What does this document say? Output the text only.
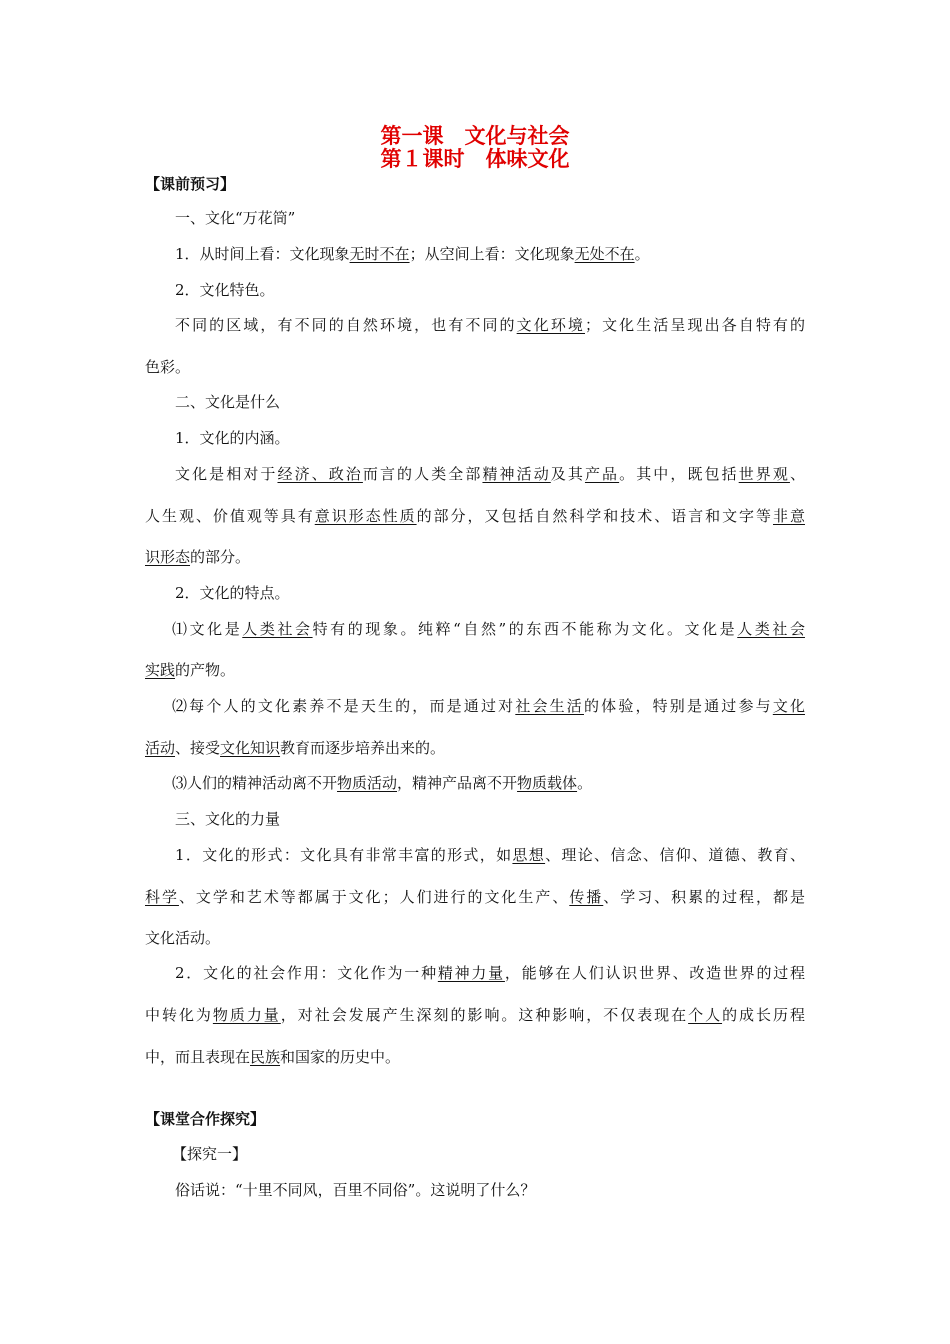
第一课　文化与社会
第１课时　体味文化
【课前预习】
一、文化“万花筒”
1．从时间上看：文化现象无时不在；从空间上看：文化现象无处不在。
2．文化特色。
不同的区域，有不同的自然环境，也有不同的文化环境；文化生活呈现出各自特有的
色彩。
二、文化是什么
1．文化的内涵。
文化是相对于经济、政治而言的人类全部精神活动及其产品。其中，既包括世界观、
人生观、价值观等具有意识形态性质的部分，又包括自然科学和技术、语言和文字等非意
识形态的部分。
2．文化的特点。
⑴文化是人类社会特有的现象。纯粹“自然”的东西不能称为文化。文化是人类社会
实践的产物。
⑵每个人的文化素养不是天生的，而是通过对社会生活的体验，特别是通过参与文化
活动、接受文化知识教育而逐步培养出来的。
⑶人们的精神活动离不开物质活动，精神产品离不开物质载体。
三、文化的力量
1．文化的形式：文化具有非常丰富的形式，如思想、理论、信念、信仰、道德、教育、
科学、文学和艺术等都属于文化；人们进行的文化生产、传播、学习、积累的过程，都是
文化活动。
2．文化的社会作用：文化作为一种精神力量，能够在人们认识世界、改造世界的过程
中转化为物质力量，对社会发展产生深刻的影响。这种影响，不仅表现在个人的成长历程
中，而且表现在民族和国家的历史中。
【课堂合作探究】
【探究一】
俗话说：“十里不同风，百里不同俗”。这说明了什么？
